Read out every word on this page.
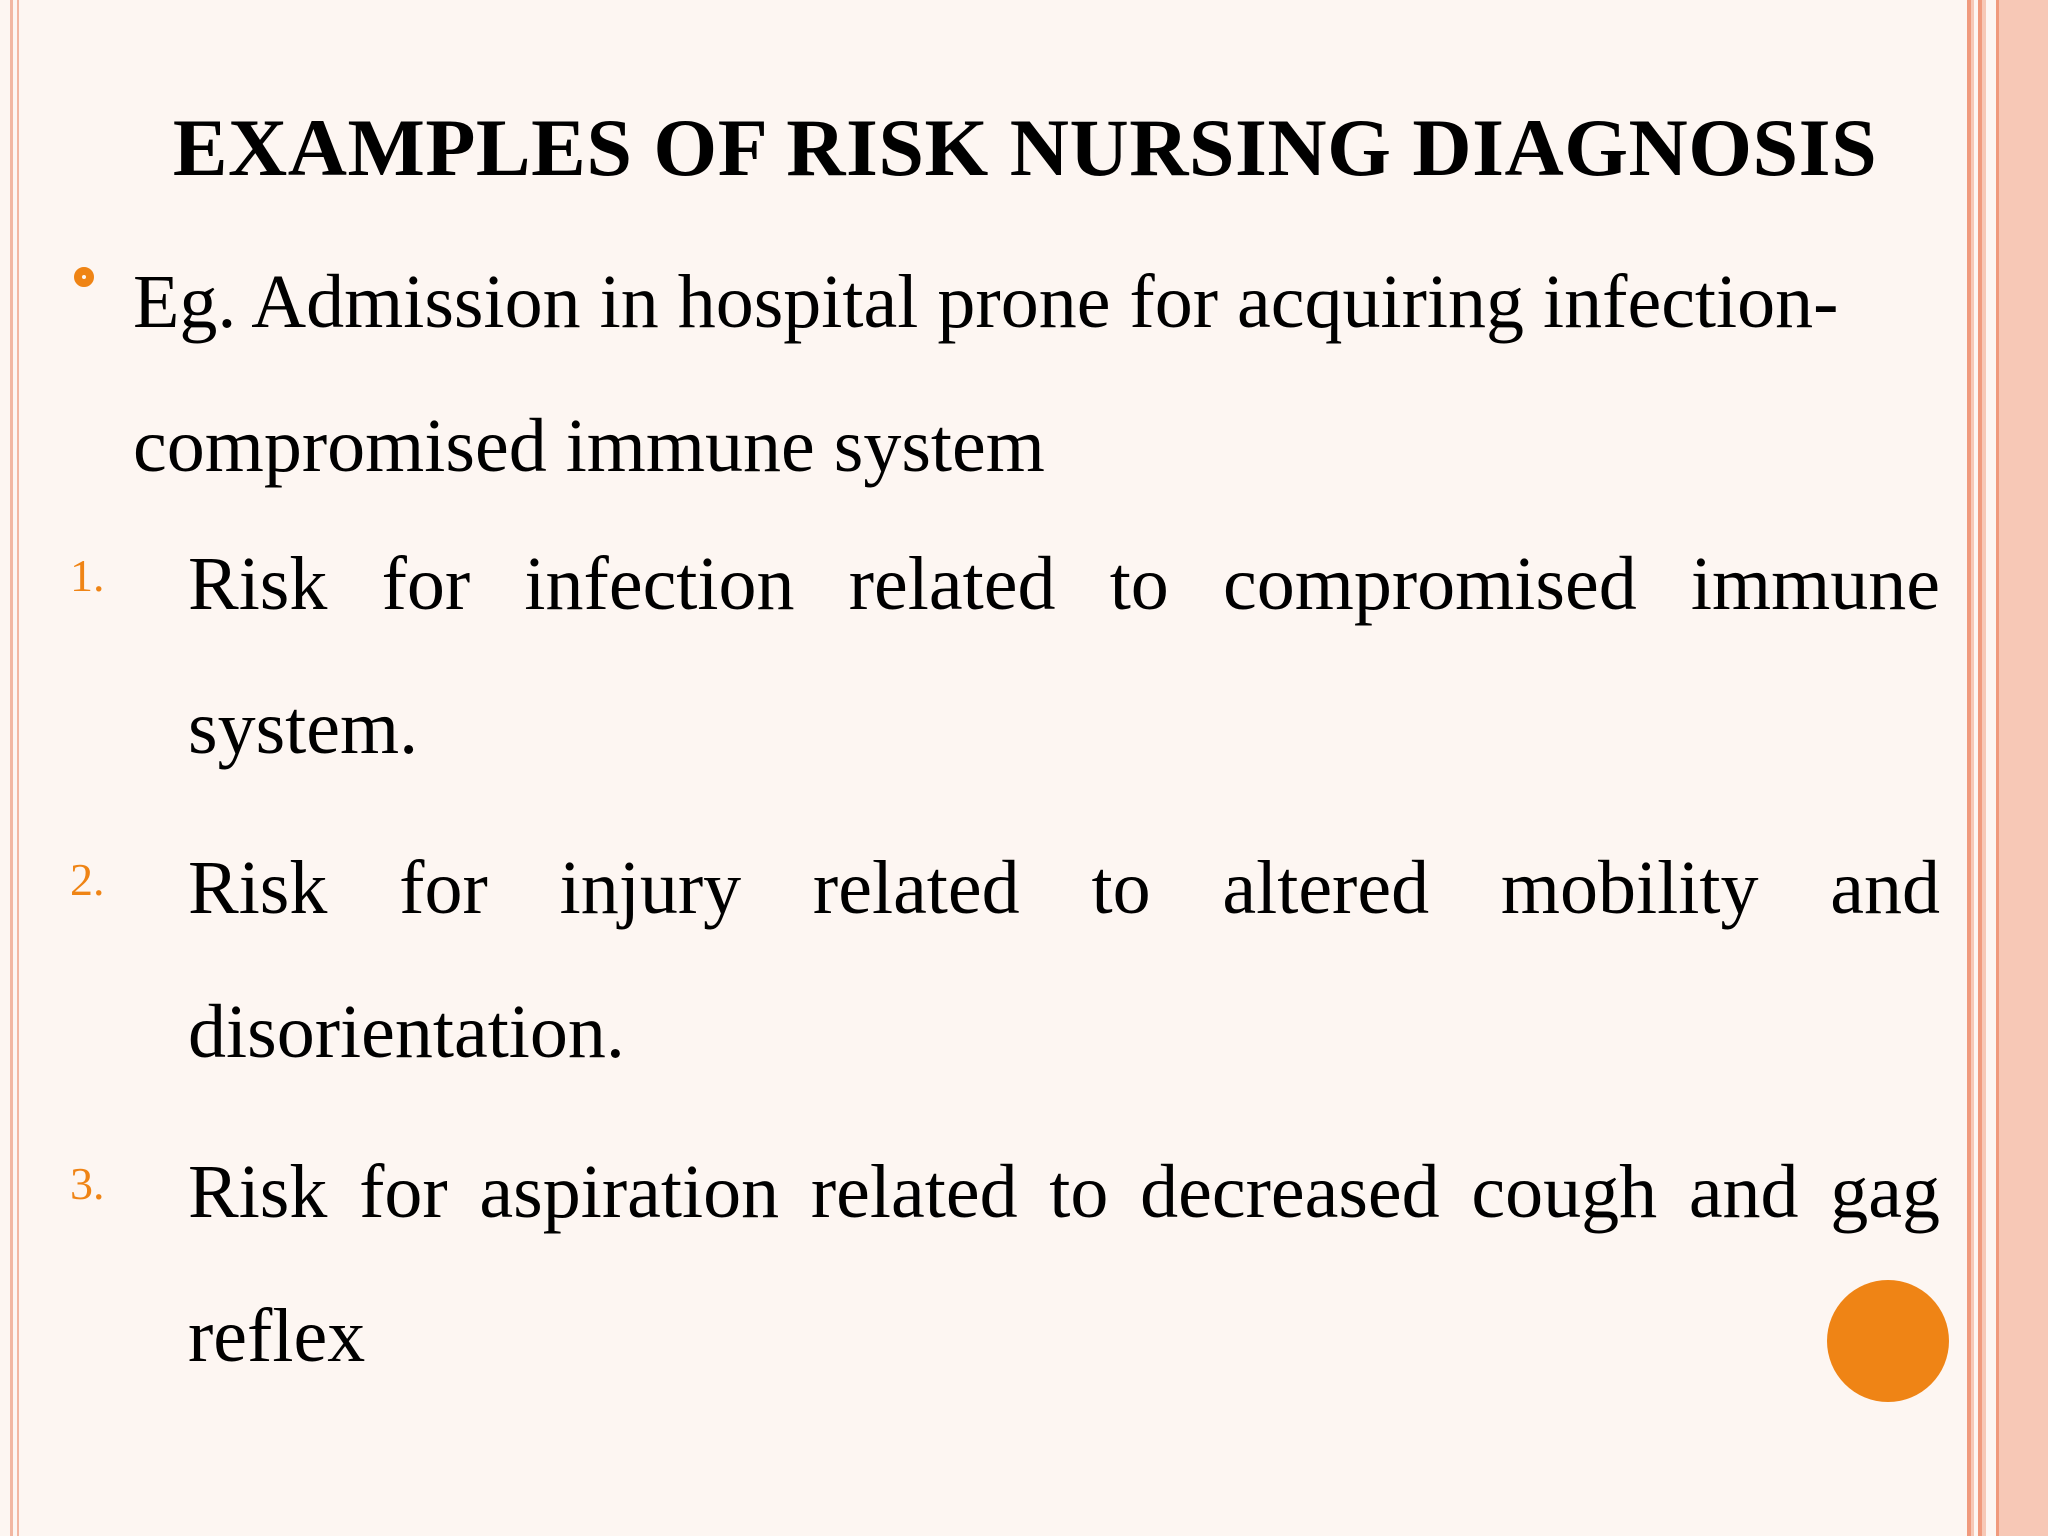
EXAMPLES OF RISK NURSING DIAGNOSIS
Eg. Admission in hospital prone for acquiring infection-
compromised immune system
1. Risk for infection related to compromised immune
system.
2. Risk for injury related to altered mobility and
disorientation.
3. Risk for aspiration related to decreased cough and gag
reflex
